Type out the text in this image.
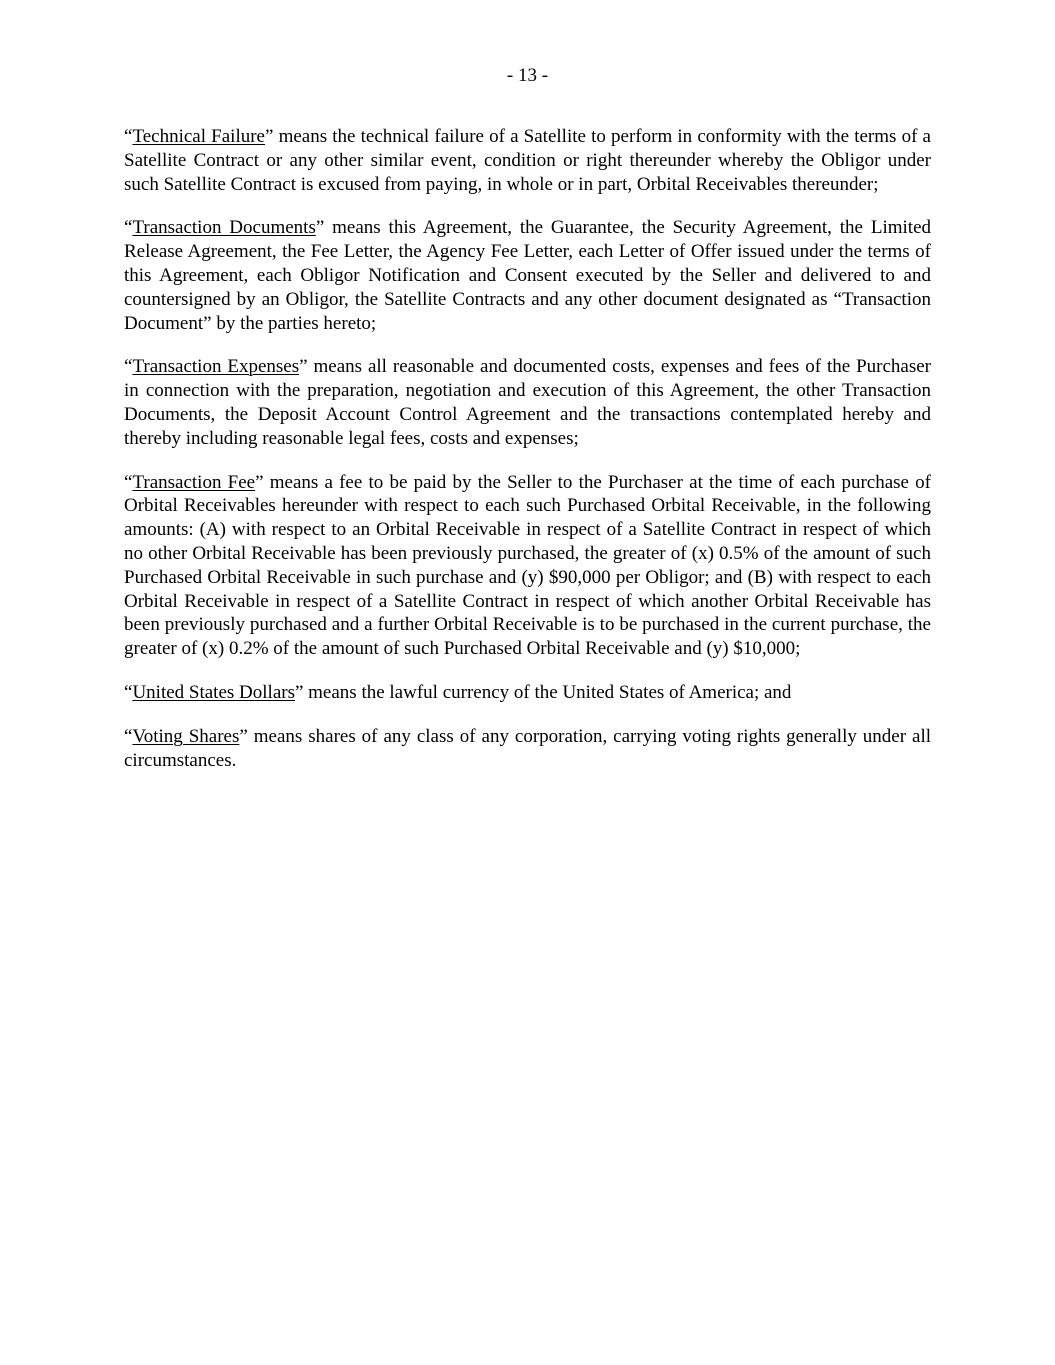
- 13 -

“Technical Failure” means the technical failure of a Satellite to perform in conformity with the terms of a Satellite Contract or any other similar event, condition or right thereunder whereby the Obligor under such Satellite Contract is excused from paying, in whole or in part, Orbital Receivables thereunder;

“Transaction Documents” means this Agreement, the Guarantee, the Security Agreement, the Limited Release Agreement, the Fee Letter, the Agency Fee Letter, each Letter of Offer issued under the terms of this Agreement, each Obligor Notification and Consent executed by the Seller and delivered to and countersigned by an Obligor, the Satellite Contracts and any other document designated as “Transaction Document” by the parties hereto;

“Transaction Expenses” means all reasonable and documented costs, expenses and fees of the Purchaser in connection with the preparation, negotiation and execution of this Agreement, the other Transaction Documents, the Deposit Account Control Agreement and the transactions contemplated hereby and thereby including reasonable legal fees, costs and expenses;

“Transaction Fee” means a fee to be paid by the Seller to the Purchaser at the time of each purchase of Orbital Receivables hereunder with respect to each such Purchased Orbital Receivable, in the following amounts: (A) with respect to an Orbital Receivable in respect of a Satellite Contract in respect of which no other Orbital Receivable has been previously purchased, the greater of (x) 0.5% of the amount of such Purchased Orbital Receivable in such purchase and (y) $90,000 per Obligor; and (B) with respect to each Orbital Receivable in respect of a Satellite Contract in respect of which another Orbital Receivable has been previously purchased and a further Orbital Receivable is to be purchased in the current purchase, the greater of (x) 0.2% of the amount of such Purchased Orbital Receivable and (y) $10,000;

“United States Dollars” means the lawful currency of the United States of America; and

“Voting Shares” means shares of any class of any corporation, carrying voting rights generally under all circumstances.
